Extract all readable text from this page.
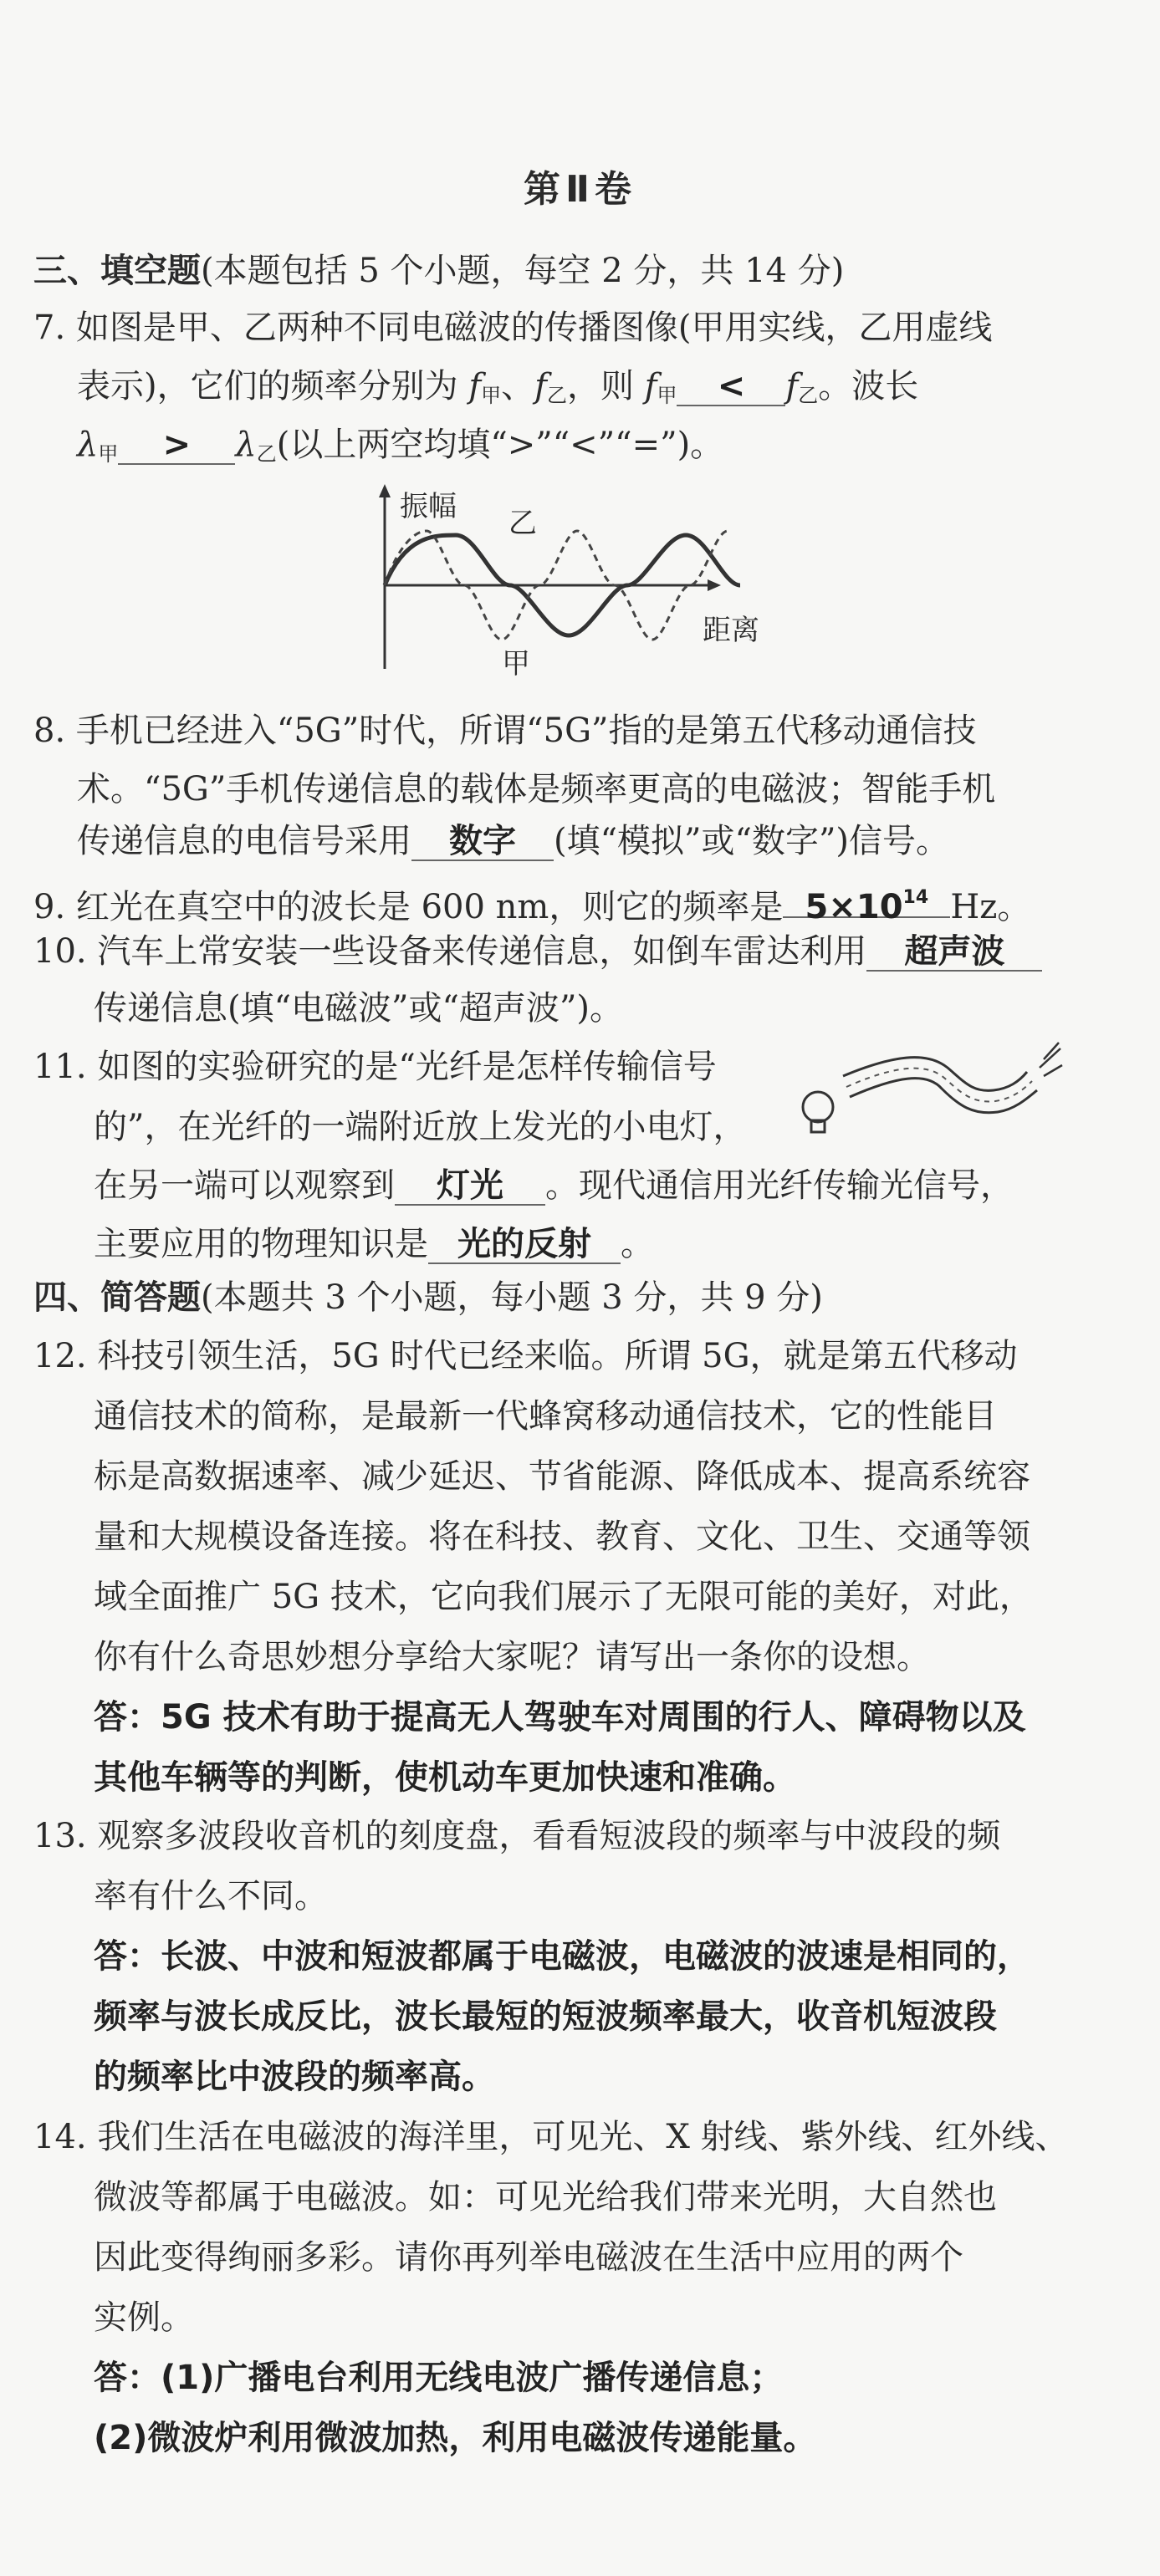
第Ⅱ卷
三、填空题(本题包括 5 个小题，每空 2 分，共 14 分)
7. 如图是甲、乙两种不同电磁波的传播图像(甲用实线，乙用虚线
表示)，它们的频率分别为 $f_甲$、$f_乙$，则 $f_甲 < f_乙$。波长
$\lambda_甲 > \lambda_乙$(以上两空均填“>”“<”“=”)。
振幅 乙
距离
甲
8. 手机已经进入“5G”时代，所谓“5G”指的是第五代移动通信技
术。“5G”手机传递信息的载体是频率更高的电磁波；智能手机
传递信息的电信号采用 数字 (填“模拟”或“数字”)信号。
9. 红光在真空中的波长是 600 nm，则它的频率是 $5\times 10^{14}$ Hz。
10. 汽车上常安装一些设备来传递信息，如倒车雷达利用 超声波
传递信息(填“电磁波”或“超声波”)。
11. 如图的实验研究的是“光纤是怎样传输信号
的”，在光纤的一端附近放上发光的小电灯，
在另一端可以观察到 灯光 。现代通信用光纤传输光信号，
主要应用的物理知识是 光的反射 。
四、简答题(本题共 3 个小题，每小题 3 分，共 9 分)
12. 科技引领生活，5G 时代已经来临。所谓 5G，就是第五代移动
通信技术的简称，是最新一代蜂窝移动通信技术，它的性能目
标是高数据速率、减少延迟、节省能源、降低成本、提高系统容
量和大规模设备连接。将在科技、教育、文化、卫生、交通等领
域全面推广 5G 技术，它向我们展示了无限可能的美好，对此，
你有什么奇思妙想分享给大家呢？请写出一条你的设想。
答：5G 技术有助于提高无人驾驶车对周围的行人、障碍物以及
其他车辆等的判断，使机动车更加快速和准确。
13. 观察多波段收音机的刻度盘，看看短波段的频率与中波段的频
率有什么不同。
答：长波、中波和短波都属于电磁波，电磁波的波速是相同的，
频率与波长成反比，波长最短的短波频率最大，收音机短波段
的频率比中波段的频率高。
14. 我们生活在电磁波的海洋里，可见光、X 射线、紫外线、红外线、
微波等都属于电磁波。如：可见光给我们带来光明，大自然也
因此变得绚丽多彩。请你再列举电磁波在生活中应用的两个
实例。
答：(1)广播电台利用无线电波广播传递信息；
(2)微波炉利用微波加热，利用电磁波传递能量。
